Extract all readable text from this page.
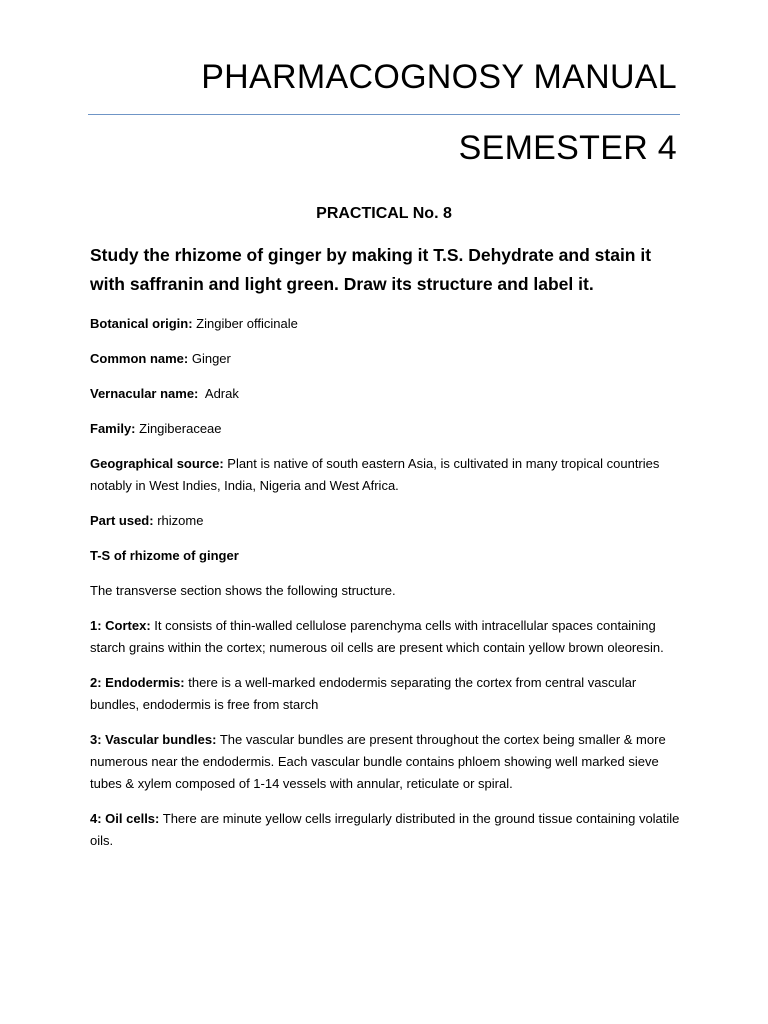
PHARMACOGNOSY MANUAL
SEMESTER 4
PRACTICAL No. 8

Study the rhizome of ginger by making it T.S. Dehydrate and stain it with saffranin and light green. Draw its structure and label it.

Botanical origin: Zingiber officinale

Common name: Ginger

Vernacular name:  Adrak

Family: Zingiberaceae

Geographical source: Plant is native of south eastern Asia, is cultivated in many tropical countries notably in West Indies, India, Nigeria and West Africa.

Part used: rhizome

T-S of rhizome of ginger

The transverse section shows the following structure.

1: Cortex: It consists of thin-walled cellulose parenchyma cells with intracellular spaces containing starch grains within the cortex; numerous oil cells are present which contain yellow brown oleoresin.

2: Endodermis: there is a well-marked endodermis separating the cortex from central vascular bundles, endodermis is free from starch

3: Vascular bundles: The vascular bundles are present throughout the cortex being smaller & more numerous near the endodermis. Each vascular bundle contains phloem showing well marked sieve tubes & xylem composed of 1-14 vessels with annular, reticulate or spiral.

4: Oil cells: There are minute yellow cells irregularly distributed in the ground tissue containing volatile oils.
